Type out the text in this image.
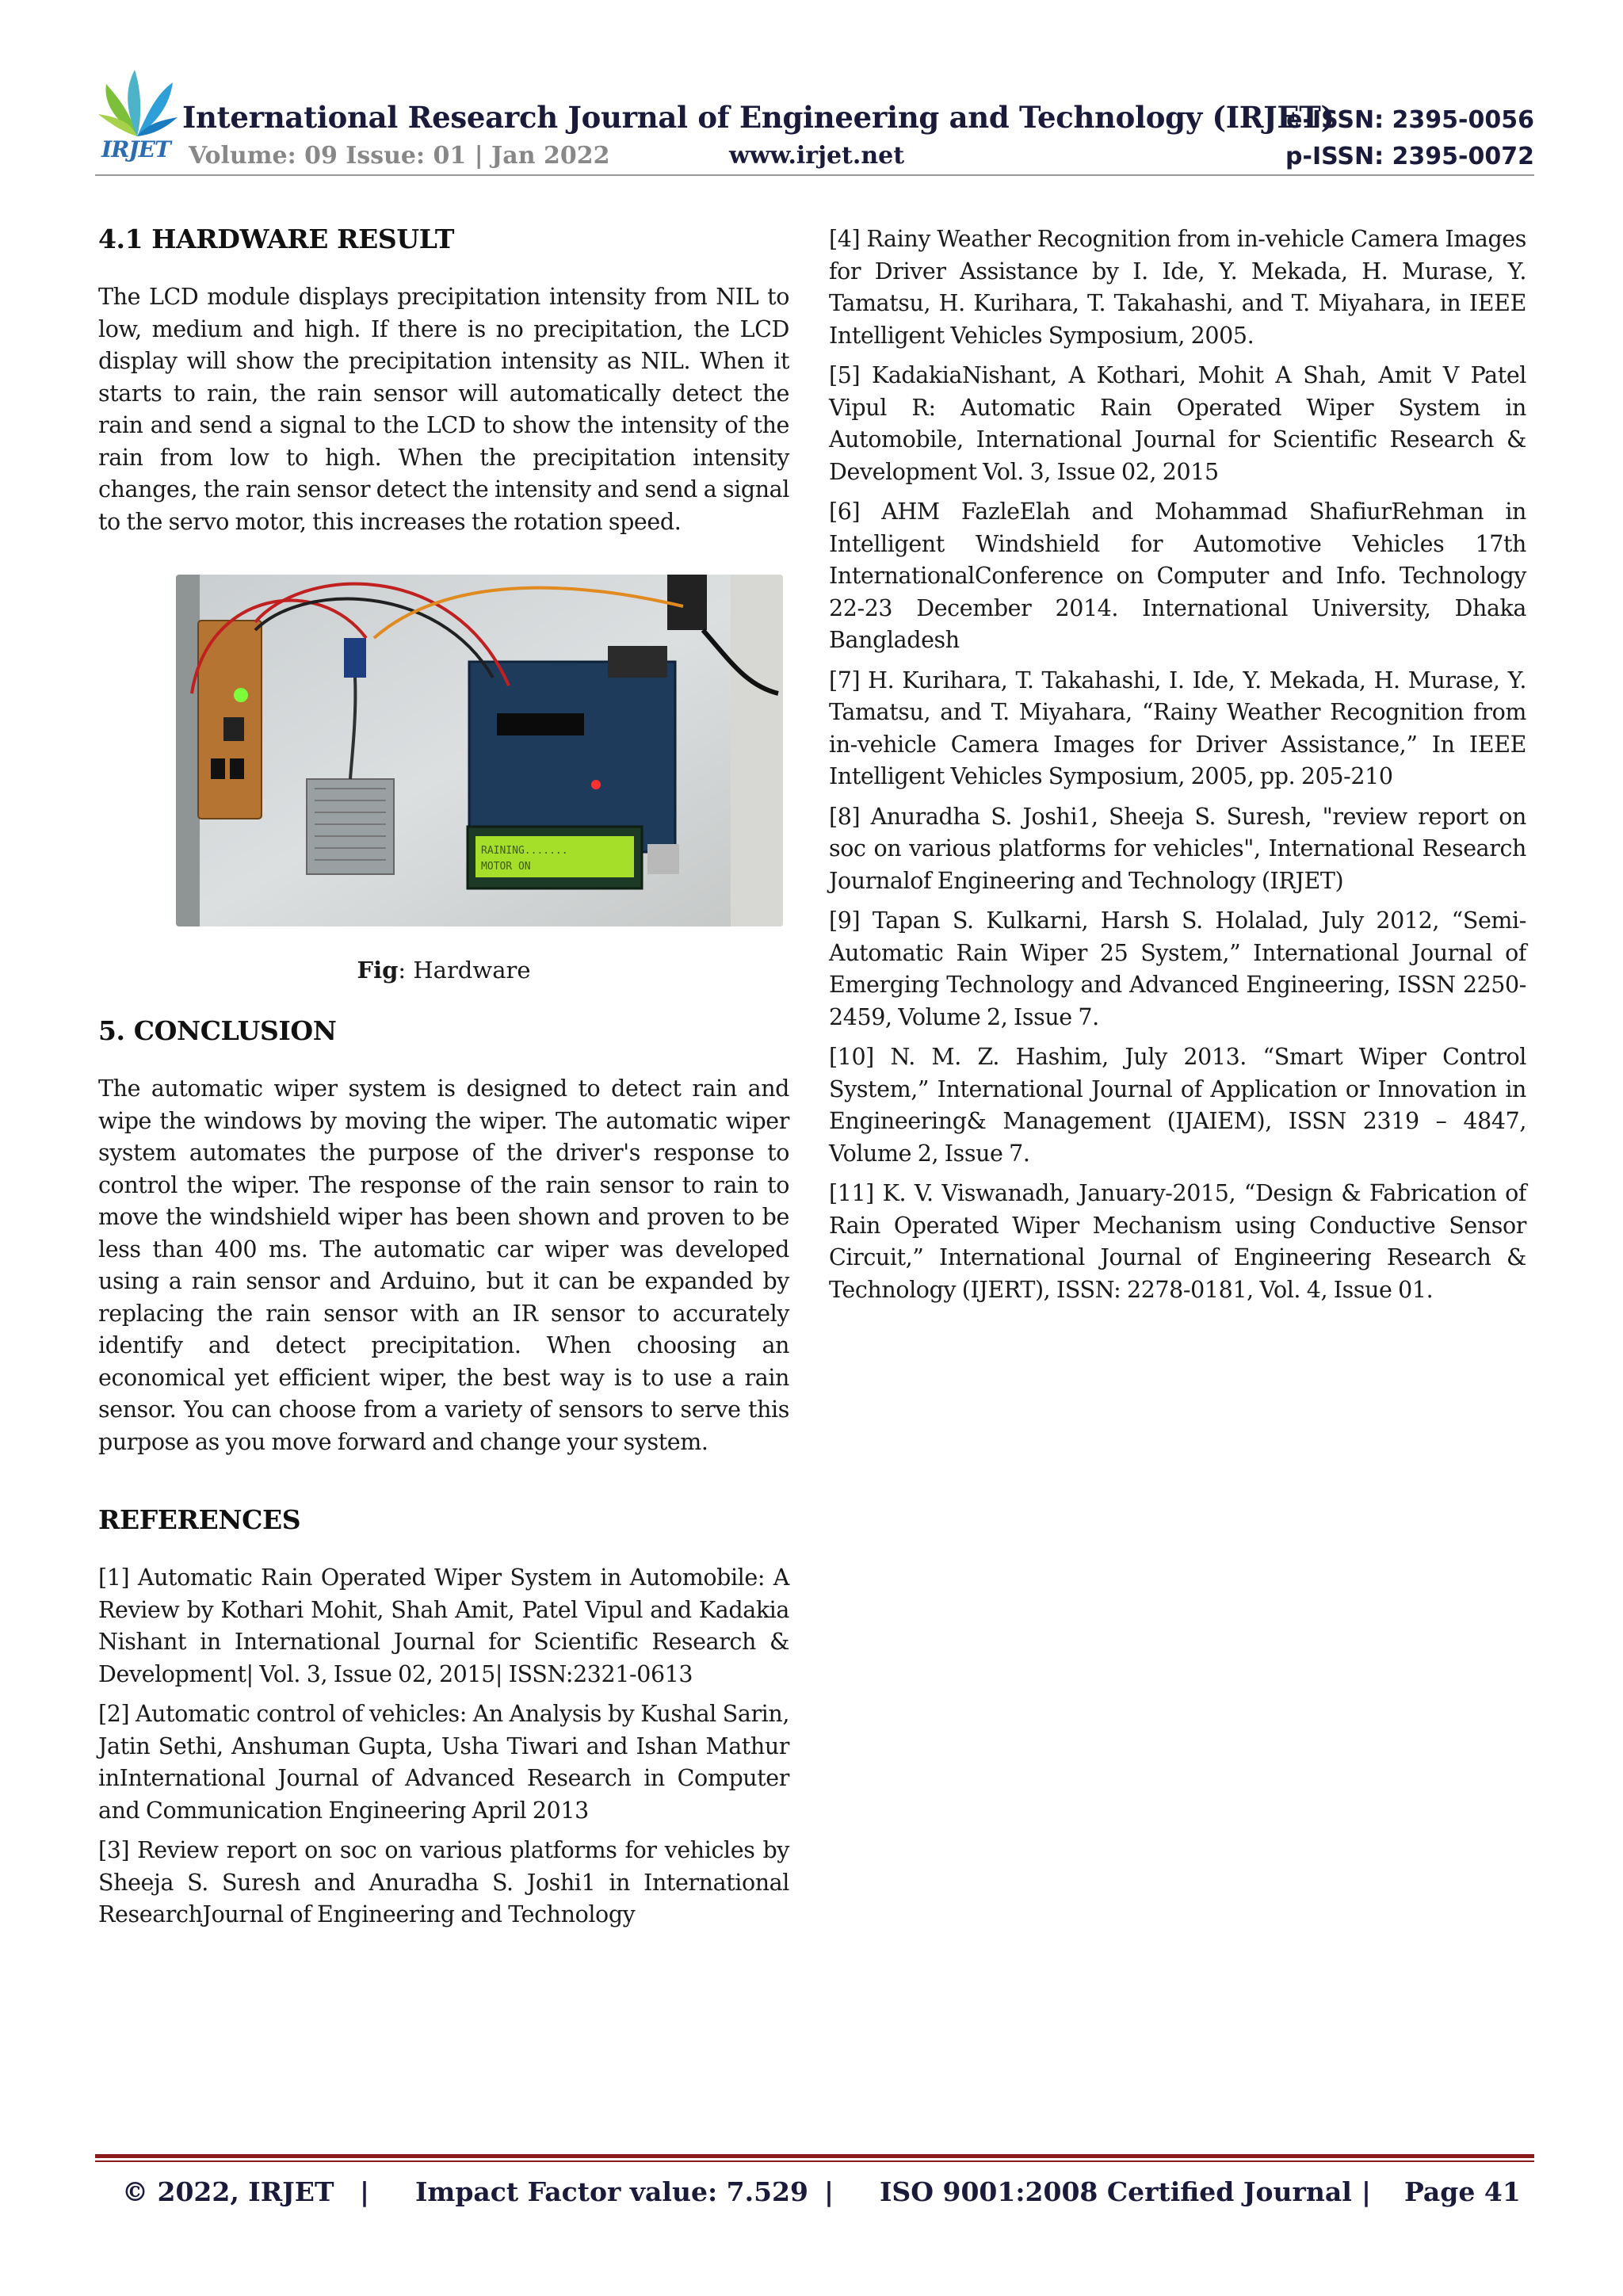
IRJET
International Research Journal of Engineering and Technology (IRJET)
Volume: 09 Issue: 01 | Jan 2022	www.irjet.net
e-ISSN: 2395-0056
p-ISSN: 2395-0072
4.1 HARDWARE RESULT

The LCD module displays precipitation intensity from NIL to low, medium and high. If there is no precipitation, the LCD display will show the precipitation intensity as NIL. When it starts to rain, the rain sensor will automatically detect the rain and send a signal to the LCD to show the intensity of the rain from low to high. When the precipitation intensity changes, the rain sensor detect the intensity and send a signal to the servo motor, this increases the rotation speed.

RAINING.......
MOTOR ON
Fig: Hardware
5. CONCLUSION

The automatic wiper system is designed to detect rain and wipe the windows by moving the wiper. The automatic wiper system automates the purpose of the driver's response to control the wiper. The response of the rain sensor to rain to move the windshield wiper has been shown and proven to be less than 400 ms. The automatic car wiper was developed using a rain sensor and Arduino, but it can be expanded by replacing the rain sensor with an IR sensor to accurately identify and detect precipitation. When choosing an economical yet efficient wiper, the best way is to use a rain sensor. You can choose from a variety of sensors to serve this purpose as you move forward and change your system.

REFERENCES

[1] Automatic Rain Operated Wiper System in Automobile: A Review by Kothari Mohit, Shah Amit, Patel Vipul and Kadakia Nishant in International Journal for Scientific Research & Development| Vol. 3, Issue 02, 2015| ISSN:2321-0613

[2] Automatic control of vehicles: An Analysis by Kushal Sarin, Jatin Sethi, Anshuman Gupta, Usha Tiwari and Ishan Mathur inInternational Journal of Advanced Research in Computer and Communication Engineering April 2013

[3] Review report on soc on various platforms for vehicles by Sheeja S. Suresh and Anuradha S. Joshi1 in International ResearchJournal of Engineering and Technology

[4] Rainy Weather Recognition from in-vehicle Camera Images for Driver Assistance by I. Ide, Y. Mekada, H. Murase, Y. Tamatsu, H. Kurihara, T. Takahashi, and T. Miyahara, in IEEE Intelligent Vehicles Symposium, 2005.

[5] KadakiaNishant, A Kothari, Mohit A Shah, Amit V Patel Vipul R: Automatic Rain Operated Wiper System in Automobile, International Journal for Scientific Research & Development Vol. 3, Issue 02, 2015

[6] AHM FazleElah and Mohammad ShafiurRehman in Intelligent Windshield for Automotive Vehicles 17th InternationalConference on Computer and Info. Technology 22-23 December 2014. International University, Dhaka Bangladesh

[7] H. Kurihara, T. Takahashi, I. Ide, Y. Mekada, H. Murase, Y. Tamatsu, and T. Miyahara, “Rainy Weather Recognition from in-vehicle Camera Images for Driver Assistance,” In IEEE Intelligent Vehicles Symposium, 2005, pp. 205-210

[8] Anuradha S. Joshi1, Sheeja S. Suresh, "review report on soc on various platforms for vehicles", International Research Journalof Engineering and Technology (IRJET)

[9] Tapan S. Kulkarni, Harsh S. Holalad, July 2012, “Semi-Automatic Rain Wiper 25 System,” International Journal of Emerging Technology and Advanced Engineering, ISSN 2250-2459, Volume 2, Issue 7.

[10] N. M. Z. Hashim, July 2013. “Smart Wiper Control System,” International Journal of Application or Innovation in Engineering& Management (IJAIEM), ISSN 2319 – 4847, Volume 2, Issue 7.

[11] K. V. Viswanadh, January-2015, “Design & Fabrication of Rain Operated Wiper Mechanism using Conductive Sensor Circuit,” International Journal of Engineering Research & Technology (IJERT), ISSN: 2278-0181, Vol. 4, Issue 01.

© 2022, IRJET | Impact Factor value: 7.529 | ISO 9001:2008 Certified Journal | Page 41
